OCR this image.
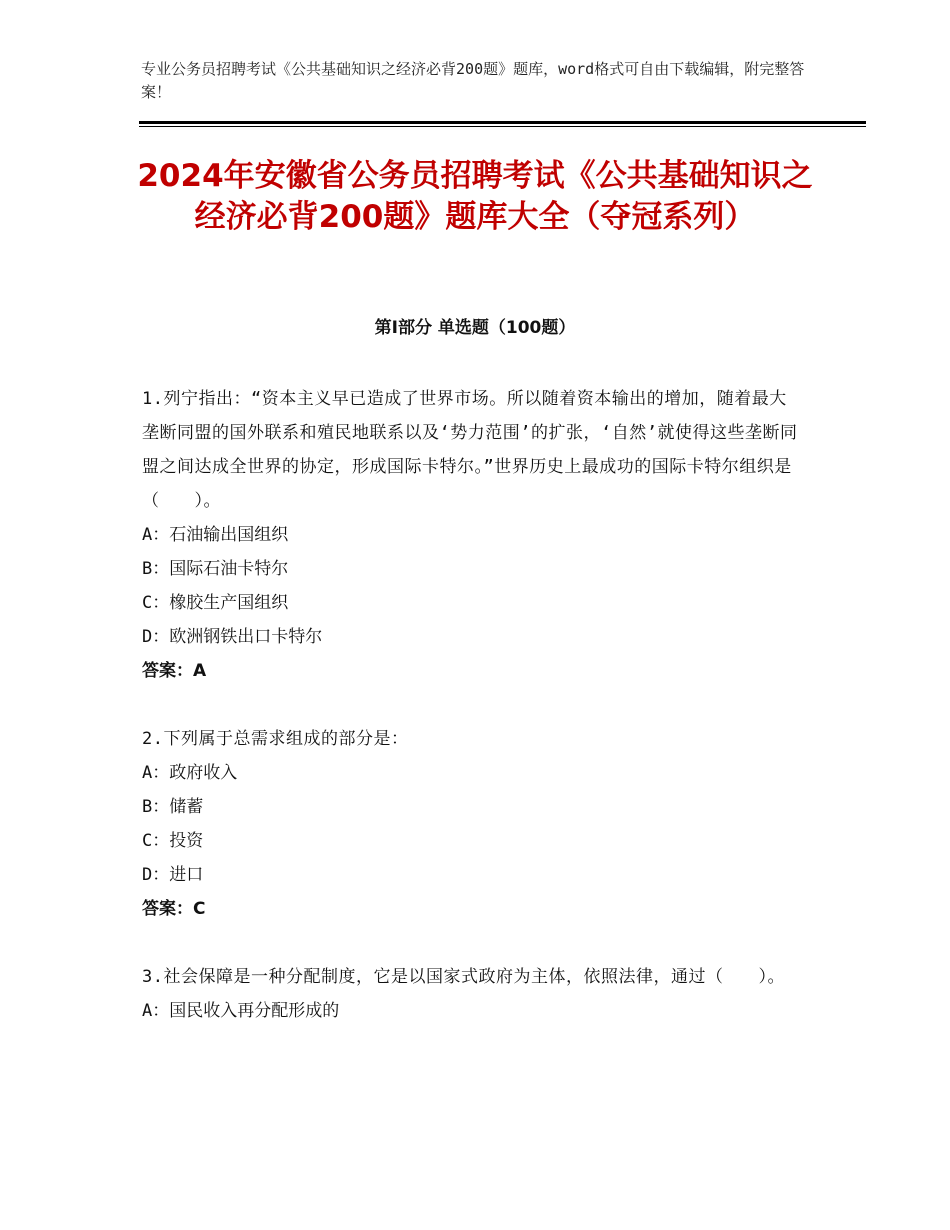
专业公务员招聘考试《公共基础知识之经济必背200题》题库，word格式可自由下载编辑，附完整答案！
2024年安徽省公务员招聘考试《公共基础知识之经济必背200题》题库大全（夺冠系列）
第Ⅰ部分 单选题（100题）

1.列宁指出：“资本主义早已造成了世界市场。所以随着资本输出的增加，随着最大垄断同盟的国外联系和殖民地联系以及‘势力范围’的扩张，‘自然’就使得这些垄断同盟之间达成全世界的协定，形成国际卡特尔。”世界历史上最成功的国际卡特尔组织是（　　）。

A：石油输出国组织

B：国际石油卡特尔

C：橡胶生产国组织

D：欧洲钢铁出口卡特尔

答案：A

2.下列属于总需求组成的部分是：

A：政府收入

B：储蓄

C：投资

D：进口

答案：C

3.社会保障是一种分配制度，它是以国家式政府为主体，依照法律，通过（　　）。

A：国民收入再分配形成的
